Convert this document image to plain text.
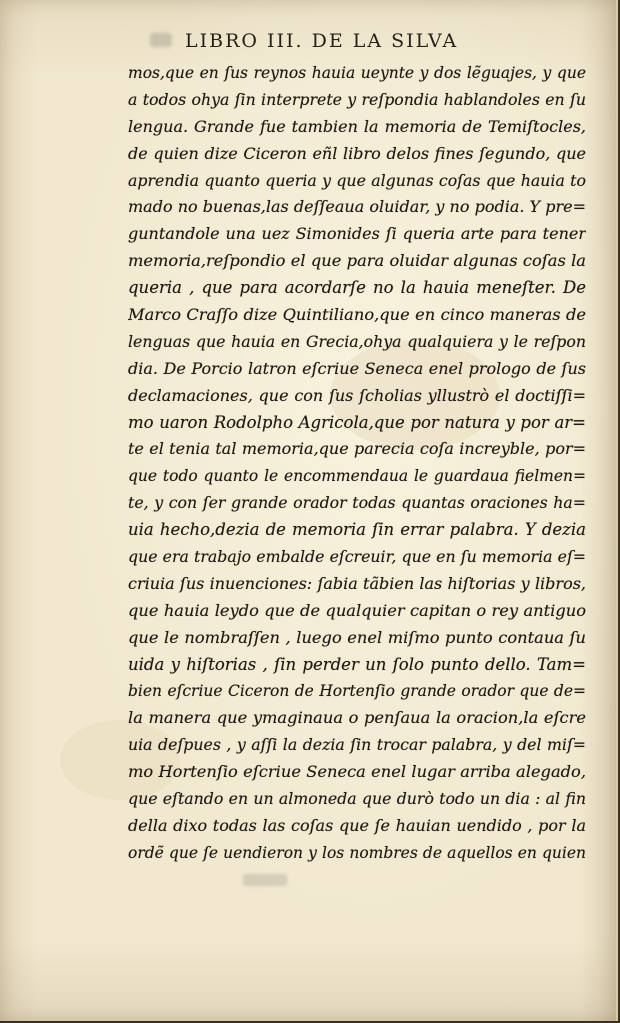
LIBRO III. DE LA SILVA
mos,que en ſus reynos hauia ueynte y dos lẽguajes, y que
a todos ohya ſin interprete y reſpondia hablandoles en ſu
lengua. Grande fue tambien la memoria de Temiſtocles,
de quien dize Ciceron eñl libro delos fines ſegundo, que
aprendia quanto queria y que algunas coſas que hauia to
mado no buenas,las deſſeaua oluidar, y no podia. Y pre=
guntandole una uez Simonides ſi queria arte para tener
memoria,reſpondio el que para oluidar algunas coſas la
queria , que para acordarſe no la hauia meneſter. De
Marco Craſſo dize Quintiliano,que en cinco maneras de
lenguas que hauia en Grecia,ohya qualquiera y le reſpon
dia. De Porcio latron eſcriue Seneca enel prologo de ſus
declamaciones, que con ſus ſcholias yllustrò el doctiſſi=
mo uaron Rodolpho Agricola,que por natura y por ar=
te el tenia tal memoria,que parecia coſa increyble, por=
que todo quanto le encommendaua le guardaua fielmen=
te, y con ſer grande orador todas quantas oraciones ha=
uia hecho,dezia de memoria ſin errar palabra. Y dezia
que era trabajo embalde eſcreuir, que en ſu memoria eſ=
criuia ſus inuenciones: ſabia tãbien las hiſtorias y libros,
que hauia leydo que de qualquier capitan o rey antiguo
que le nombraſſen , luego enel miſmo punto contaua ſu
uida y hiſtorias , ſin perder un ſolo punto dello. Tam=
bien eſcriue Ciceron de Hortenſio grande orador que de=
la manera que ymaginaua o penſaua la oracion,la eſcre
uia deſpues , y aſſi la dezia ſin trocar palabra, y del miſ=
mo Hortenſio eſcriue Seneca enel lugar arriba alegado,
que eſtando en un almoneda que durò todo un dia : al fin
della dixo todas las coſas que ſe hauian uendido , por la
ordẽ que ſe uendieron y los nombres de aquellos en quien
